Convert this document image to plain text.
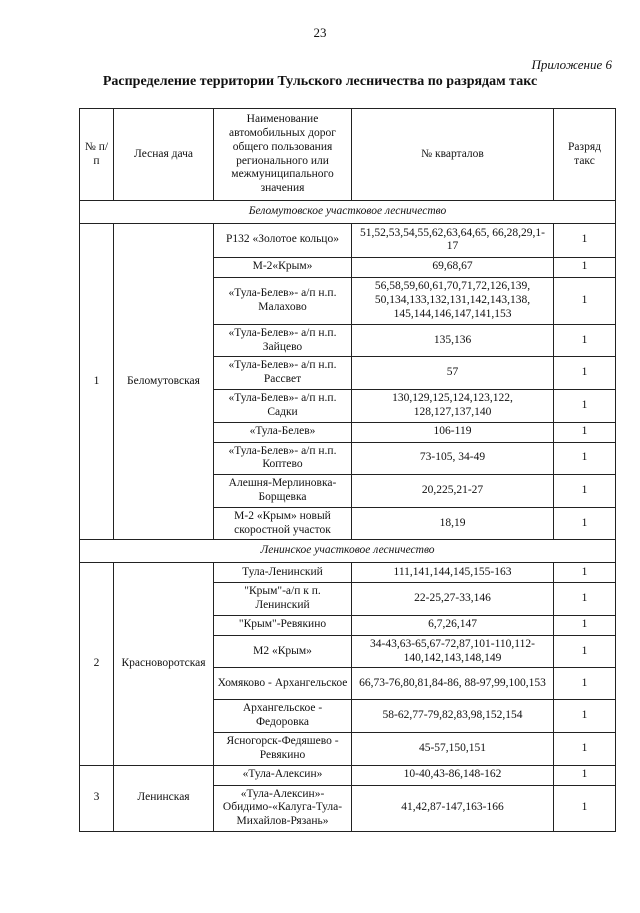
23
Приложение 6
Распределение территории Тульского лесничества по разрядам такс
№ п/п	Лесная дача	Наименование автомобильных дорог общего пользования регионального или межмуниципального значения	№ кварталов	Разряд такс
Беломутовское участковое лесничество				
1	Беломутовская	Р132 «Золотое кольцо»	51,52,53,54,55,62,63,64,65, 66,28,29,1-17	1
		М-2«Крым»	69,68,67	1
		«Тула-Белев»- а/п н.п. Малахово	56,58,59,60,61,70,71,72,126,139, 50,134,133,132,131,142,143,138, 145,144,146,147,141,153	1
		«Тула-Белев»- а/п н.п. Зайцево	135,136	1
		«Тула-Белев»- а/п н.п. Рассвет	57	1
		«Тула-Белев»- а/п н.п. Садки	130,129,125,124,123,122, 128,127,137,140	1
		«Тула-Белев»	106-119	1
		«Тула-Белев»- а/п н.п. Коптево	73-105, 34-49	1
		Алешня-Мерлиновка- Борщевка	20,225,21-27	1
		М-2 «Крым» новый скоростной участок	18,19	1
Ленинское участковое лесничество				
2	Красноворотская	Тула-Ленинский	111,141,144,145,155-163	1
		"Крым"-а/п к п. Ленинский	22-25,27-33,146	1
		"Крым"-Ревякино	6,7,26,147	1
		М2 «Крым»	34-43,63-65,67-72,87,101-110,112- 140,142,143,148,149	1
		Хомяково - Архангельское	66,73-76,80,81,84-86, 88-97,99,100,153	1
		Архангельское - Федоровка	58-62,77-79,82,83,98,152,154	1
		Ясногорск-Федяшево - Ревякино	45-57,150,151	1
3	Ленинская	«Тула-Алексин»	10-40,43-86,148-162	1
		«Тула-Алексин»- Обидимо-«Калуга-Тула- Михайлов-Рязань»	41,42,87-147,163-166	1
